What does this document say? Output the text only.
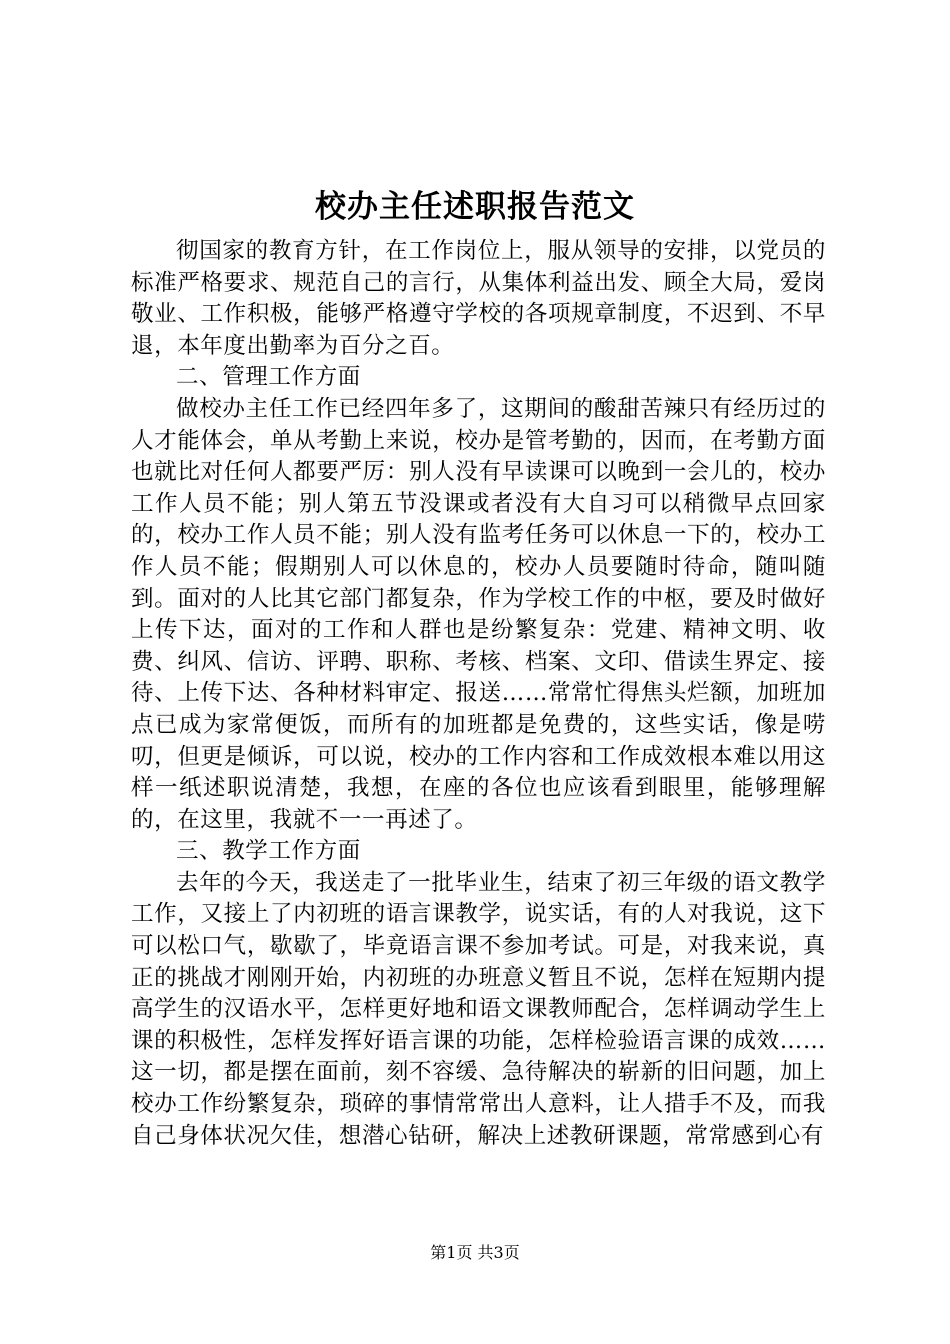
校办主任述职报告范文

彻国家的教育方针，在工作岗位上，服从领导的安排，以党员的标准严格要求、规范自己的言行，从集体利益出发、顾全大局，爱岗敬业、工作积极，能够严格遵守学校的各项规章制度，不迟到、不早退，本年度出勤率为百分之百。

二、管理工作方面

做校办主任工作已经四年多了，这期间的酸甜苦辣只有经历过的人才能体会，单从考勤上来说，校办是管考勤的，因而，在考勤方面也就比对任何人都要严厉：别人没有早读课可以晚到一会儿的，校办工作人员不能；别人第五节没课或者没有大自习可以稍微早点回家的，校办工作人员不能；别人没有监考任务可以休息一下的，校办工作人员不能；假期别人可以休息的，校办人员要随时待命，随叫随到。面对的人比其它部门都复杂，作为学校工作的中枢，要及时做好上传下达，面对的工作和人群也是纷繁复杂：党建、精神文明、收费、纠风、信访、评聘、职称、考核、档案、文印、借读生界定、接待、上传下达、各种材料审定、报送……常常忙得焦头烂额，加班加点已成为家常便饭，而所有的加班都是免费的，这些实话，像是唠叨，但更是倾诉，可以说，校办的工作内容和工作成效根本难以用这样一纸述职说清楚，我想，在座的各位也应该看到眼里，能够理解的，在这里，我就不一一再述了。

三、教学工作方面

去年的今天，我送走了一批毕业生，结束了初三年级的语文教学工作，又接上了内初班的语言课教学，说实话，有的人对我说，这下可以松口气，歇歇了，毕竟语言课不参加考试。可是，对我来说，真正的挑战才刚刚开始，内初班的办班意义暂且不说，怎样在短期内提高学生的汉语水平，怎样更好地和语文课教师配合，怎样调动学生上课的积极性，怎样发挥好语言课的功能，怎样检验语言课的成效……这一切，都是摆在面前，刻不容缓、急待解决的崭新的旧问题，加上校办工作纷繁复杂，琐碎的事情常常出人意料，让人措手不及，而我自己身体状况欠佳，想潜心钻研，解决上述教研课题，常常感到心有

第1页 共3页
